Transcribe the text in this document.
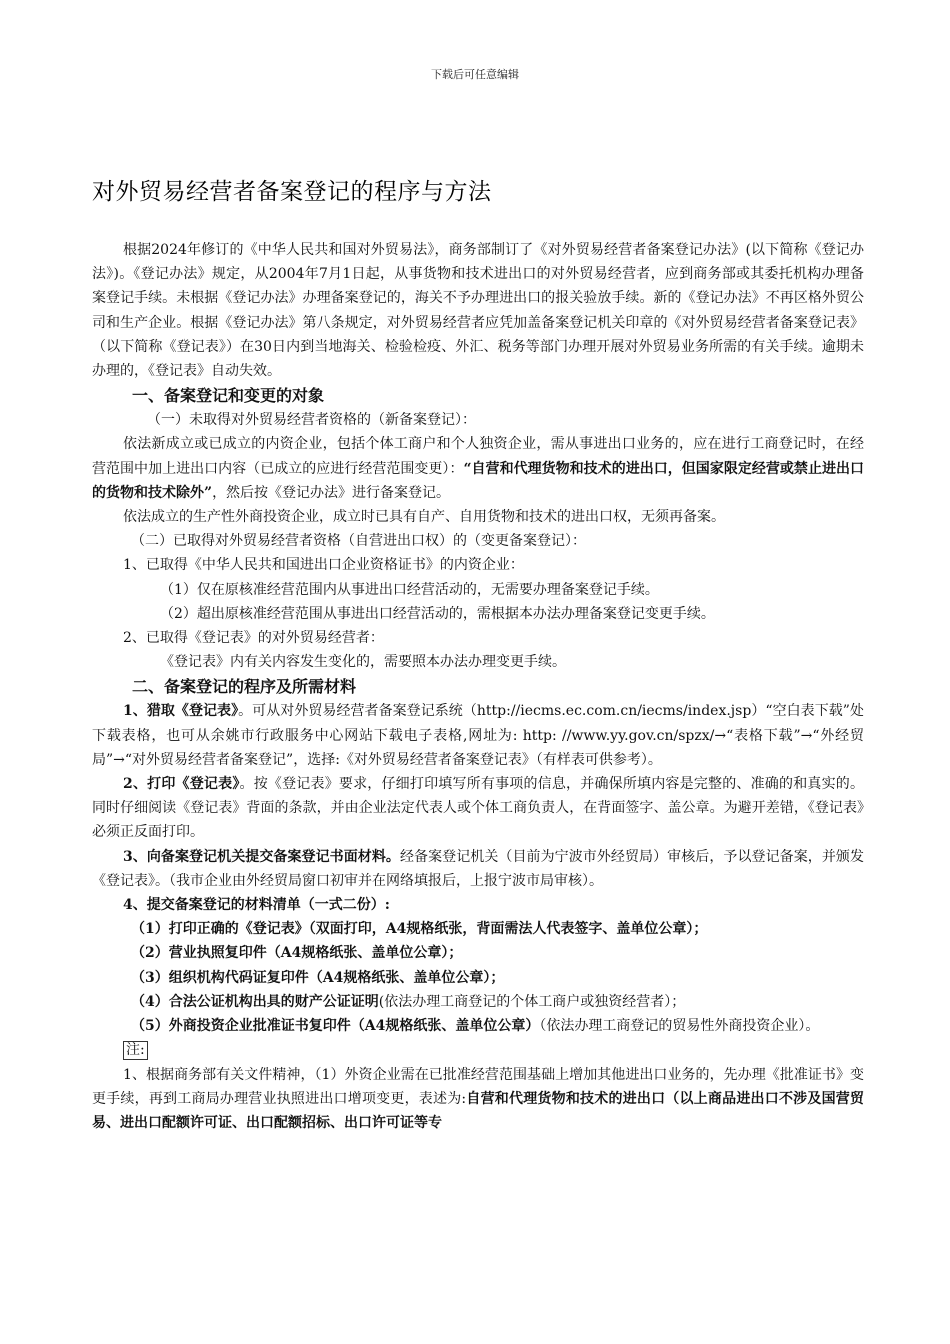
下载后可任意编辑
对外贸易经营者备案登记的程序与方法

根据2024年修订的《中华人民共和国对外贸易法》，商务部制订了《对外贸易经营者备案登记办法》(以下简称《登记办法》)。《登记办法》规定，从2004年7月1日起，从事货物和技术进出口的对外贸易经营者，应到商务部或其委托机构办理备案登记手续。未根据《登记办法》办理备案登记的，海关不予办理进出口的报关验放手续。新的《登记办法》不再区格外贸公司和生产企业。根据《登记办法》第八条规定，对外贸易经营者应凭加盖备案登记机关印章的《对外贸易经营者备案登记表》（以下简称《登记表》）在30日内到当地海关、检验检疫、外汇、税务等部门办理开展对外贸易业务所需的有关手续。逾期未办理的，《登记表》自动失效。

一、备案登记和变更的对象

（一）未取得对外贸易经营者资格的（新备案登记）：

依法新成立或已成立的内资企业，包括个体工商户和个人独资企业，需从事进出口业务的，应在进行工商登记时，在经营范围中加上进出口内容（已成立的应进行经营范围变更）：“自营和代理货物和技术的进出口，但国家限定经营或禁止进出口的货物和技术除外”，然后按《登记办法》进行备案登记。

依法成立的生产性外商投资企业，成立时已具有自产、自用货物和技术的进出口权，无须再备案。

（二）已取得对外贸易经营者资格（自营进出口权）的（变更备案登记）：

1、已取得《中华人民共和国进出口企业资格证书》的内资企业：

（1）仅在原核准经营范围内从事进出口经营活动的，无需要办理备案登记手续。

（2）超出原核准经营范围从事进出口经营活动的，需根据本办法办理备案登记变更手续。

2、已取得《登记表》的对外贸易经营者：

《登记表》内有关内容发生变化的，需要照本办法办理变更手续。

二、备案登记的程序及所需材料

1、猎取《登记表》。可从对外贸易经营者备案登记系统（http://iecms.ec.com.cn/iecms/index.jsp）“空白表下载”处下载表格，也可从余姚市行政服务中心网站下载电子表格,网址为: http: //www.yy.gov.cn/spzx/→“表格下载”→“外经贸局”→“对外贸易经营者备案登记”，选择:《对外贸易经营者备案登记表》（有样表可供参考）。

2、打印《登记表》。按《登记表》要求，仔细打印填写所有事项的信息，并确保所填内容是完整的、准确的和真实的。同时仔细阅读《登记表》背面的条款，并由企业法定代表人或个体工商负责人，在背面签字、盖公章。为避开差错，《登记表》必须正反面打印。

3、向备案登记机关提交备案登记书面材料。经备案登记机关（目前为宁波市外经贸局）审核后，予以登记备案，并颁发《登记表》。（我市企业由外经贸局窗口初审并在网络填报后，上报宁波市局审核）。

4、提交备案登记的材料清单（一式二份）:

（1）打印正确的《登记表》（双面打印，A4规格纸张，背面需法人代表签字、盖单位公章）；

（2）营业执照复印件（A4规格纸张、盖单位公章）；

（3）组织机构代码证复印件（A4规格纸张、盖单位公章）；

（4）合法公证机构出具的财产公证证明(依法办理工商登记的个体工商户或独资经营者）；

（5）外商投资企业批准证书复印件（A4规格纸张、盖单位公章）（依法办理工商登记的贸易性外商投资企业）。

注:

1、根据商务部有关文件精神，（1）外资企业需在已批准经营范围基础上增加其他进出口业务的，先办理《批准证书》变更手续，再到工商局办理营业执照进出口增项变更，表述为:自营和代理货物和技术的进出口（以上商品进出口不涉及国营贸易、进出口配额许可证、出口配额招标、出口许可证等专
